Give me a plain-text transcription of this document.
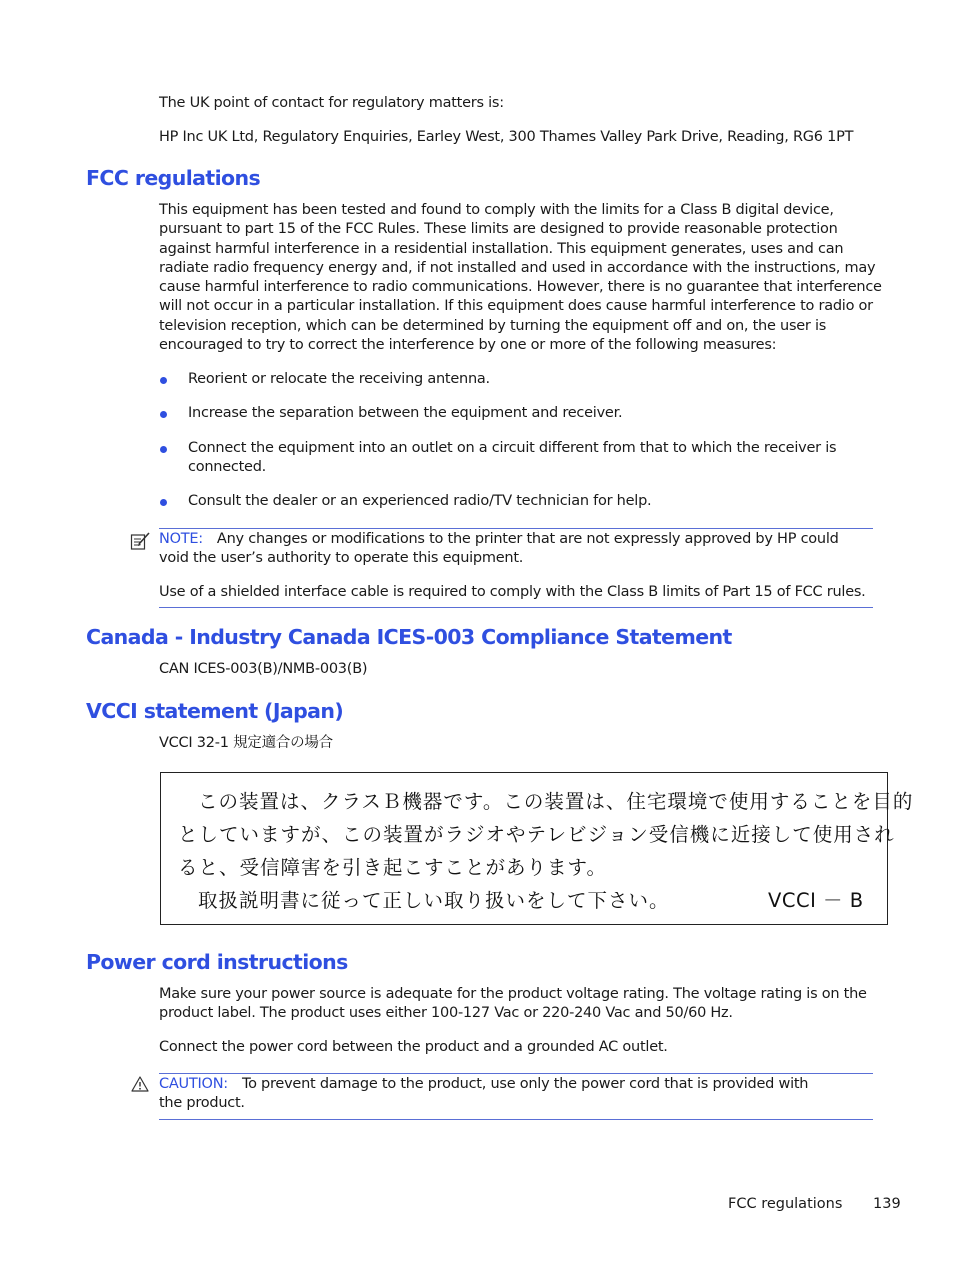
The UK point of contact for regulatory matters is:

HP Inc UK Ltd, Regulatory Enquiries, Earley West, 300 Thames Valley Park Drive, Reading, RG6 1PT

FCC regulations

This equipment has been tested and found to comply with the limits for a Class B digital device, pursuant to part 15 of the FCC Rules. These limits are designed to provide reasonable protection against harmful interference in a residential installation. This equipment generates, uses and can radiate radio frequency energy and, if not installed and used in accordance with the instructions, may cause harmful interference to radio communications. However, there is no guarantee that interference will not occur in a particular installation. If this equipment does cause harmful interference to radio or television reception, which can be determined by turning the equipment off and on, the user is encouraged to try to correct the interference by one or more of the following measures:

Reorient or relocate the receiving antenna.

Increase the separation between the equipment and receiver.

Connect the equipment into an outlet on a circuit different from that to which the receiver is connected.

Consult the dealer or an experienced radio/TV technician for help.

NOTE: Any changes or modifications to the printer that are not expressly approved by HP could void the user’s authority to operate this equipment.

Use of a shielded interface cable is required to comply with the Class B limits of Part 15 of FCC rules.

Canada - Industry Canada ICES-003 Compliance Statement

CAN ICES-003(B)/NMB-003(B)

VCCI statement (Japan)

VCCI 32-1 規定適合の場合

この装置は、クラスＢ機器です。この装置は、住宅環境で使用することを目的
としていますが、この装置がラジオやテレビジョン受信機に近接して使用され
ると、受信障害を引き起こすことがあります。
取扱説明書に従って正しい取り扱いをして下さい。	VCCI － B
Power cord instructions

Make sure your power source is adequate for the product voltage rating. The voltage rating is on the product label. The product uses either 100-127 Vac or 220-240 Vac and 50/60 Hz.

Connect the power cord between the product and a grounded AC outlet.

CAUTION: To prevent damage to the product, use only the power cord that is provided with the product.

FCC regulations 139
